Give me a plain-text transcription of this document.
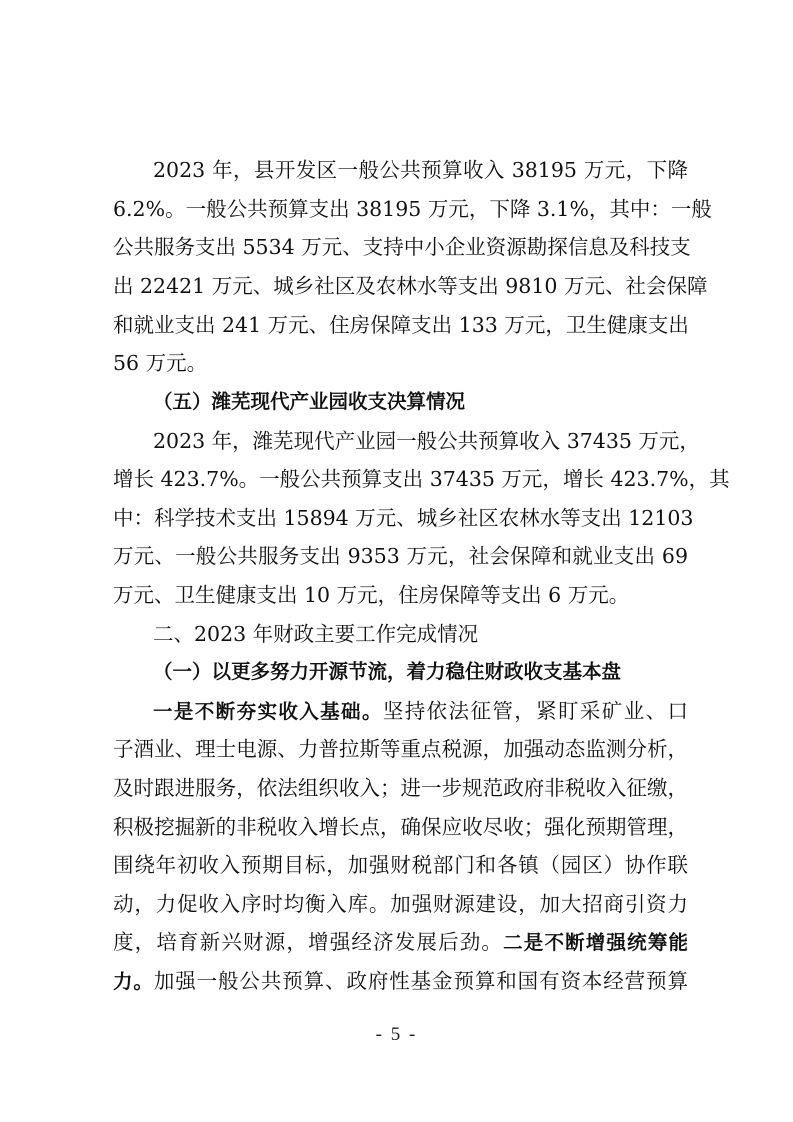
2023 年，县开发区一般公共预算收入 38195 万元，下降
6.2%。一般公共预算支出 38195 万元，下降 3.1%，其中：一般
公共服务支出 5534 万元、支持中小企业资源勘探信息及科技支
出 22421 万元、城乡社区及农林水等支出 9810 万元、社会保障
和就业支出 241 万元、住房保障支出 133 万元，卫生健康支出
56 万元。
（五）潍芜现代产业园收支决算情况
2023 年，潍芜现代产业园一般公共预算收入 37435 万元，
增长 423.7%。一般公共预算支出 37435 万元，增长 423.7%，其
中：科学技术支出 15894 万元、城乡社区农林水等支出 12103
万元、一般公共服务支出 9353 万元，社会保障和就业支出 69
万元、卫生健康支出 10 万元，住房保障等支出 6 万元。
二、2023 年财政主要工作完成情况
（一）以更多努力开源节流，着力稳住财政收支基本盘
一是不断夯实收入基础。坚持依法征管，紧盯采矿业、口
子酒业、理士电源、力普拉斯等重点税源，加强动态监测分析，
及时跟进服务，依法组织收入；进一步规范政府非税收入征缴，
积极挖掘新的非税收入增长点，确保应收尽收；强化预期管理，
围绕年初收入预期目标，加强财税部门和各镇（园区）协作联
动，力促收入序时均衡入库。加强财源建设，加大招商引资力
度，培育新兴财源，增强经济发展后劲。二是不断增强统筹能
力。加强一般公共预算、政府性基金预算和国有资本经营预算
- 5 -
